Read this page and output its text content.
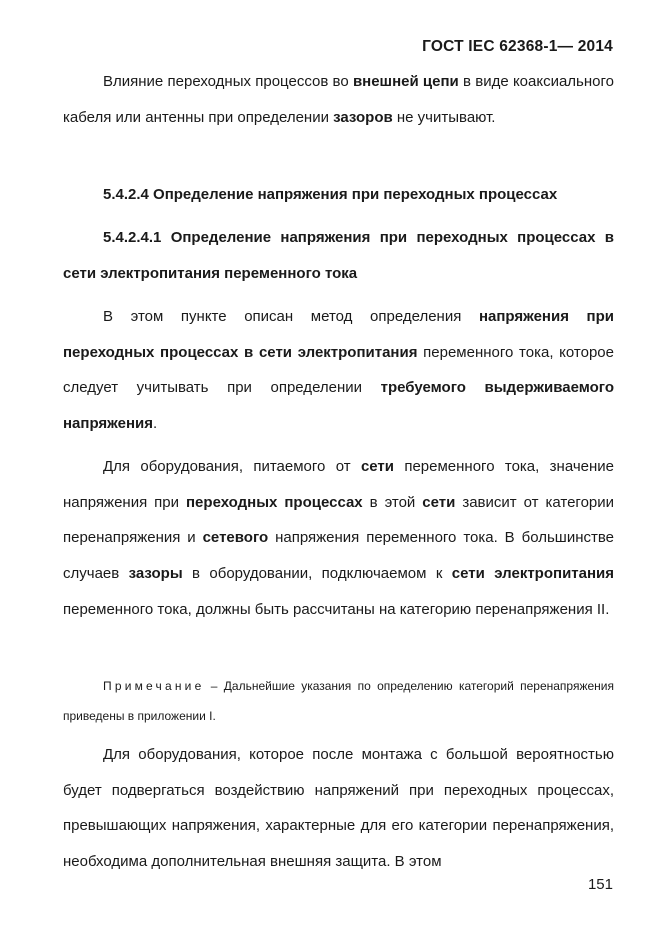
ГОСТ IEC 62368-1— 2014
Влияние переходных процессов во внешней цепи в виде коаксиального кабеля или антенны при определении зазоров не учитывают.
5.4.2.4 Определение напряжения при переходных процессах
5.4.2.4.1 Определение напряжения при переходных процессах в сети электропитания переменного тока
В этом пункте описан метод определения напряжения при переходных процессах в сети электропитания переменного тока, которое следует учитывать при определении требуемого выдерживаемого напряжения.
Для оборудования, питаемого от сети переменного тока, значение напряжения при переходных процессах в этой сети зависит от категории перенапряжения и сетевого напряжения переменного тока. В большинстве случаев зазоры в оборудовании, подключаемом к сети электропитания переменного тока, должны быть рассчитаны на категорию перенапряжения II.
Примечание – Дальнейшие указания по определению категорий перенапряжения приведены в приложении I.
Для оборудования, которое после монтажа с большой вероятностью будет подвергаться воздействию напряжений при переходных процессах, превышающих напряжения, характерные для его категории перенапряжения, необходима дополнительная внешняя защита. В этом
151
